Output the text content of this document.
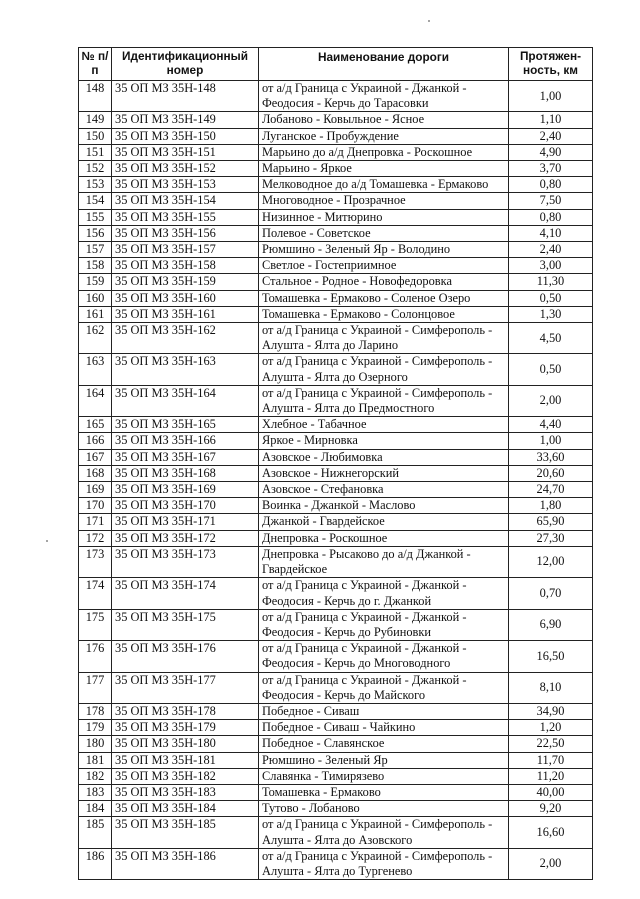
№ п/п	Идентификационный номер	Наименование дороги	Протяжен-ность, км
148	35 ОП МЗ 35Н-148	от а/д Граница с Украиной - Джанкой - Феодосия - Керчь до Тарасовки	1,00
149	35 ОП МЗ 35Н-149	Лобаново - Ковыльное - Ясное	1,10
150	35 ОП МЗ 35Н-150	Луганское - Пробуждение	2,40
151	35 ОП МЗ 35Н-151	Марьино до а/д Днепровка - Роскошное	4,90
152	35 ОП МЗ 35Н-152	Марьино - Яркое	3,70
153	35 ОП МЗ 35Н-153	Мелководное до а/д Томашевка - Ермаково	0,80
154	35 ОП МЗ 35Н-154	Многоводное - Прозрачное	7,50
155	35 ОП МЗ 35Н-155	Низинное - Митюрино	0,80
156	35 ОП МЗ 35Н-156	Полевое - Советское	4,10
157	35 ОП МЗ 35Н-157	Рюмшино - Зеленый Яр - Володино	2,40
158	35 ОП МЗ 35Н-158	Светлое - Гостеприимное	3,00
159	35 ОП МЗ 35Н-159	Стальное - Родное - Новофедоровка	11,30
160	35 ОП МЗ 35Н-160	Томашевка - Ермаково - Соленое Озеро	0,50
161	35 ОП МЗ 35Н-161	Томашевка - Ермаково - Солонцовое	1,30
162	35 ОП МЗ 35Н-162	от а/д Граница с Украиной - Симферополь - Алушта - Ялта до Ларино	4,50
163	35 ОП МЗ 35Н-163	от а/д Граница с Украиной - Симферополь - Алушта - Ялта до Озерного	0,50
164	35 ОП МЗ 35Н-164	от а/д Граница с Украиной - Симферополь - Алушта - Ялта до Предмостного	2,00
165	35 ОП МЗ 35Н-165	Хлебное - Табачное	4,40
166	35 ОП МЗ 35Н-166	Яркое - Мирновка	1,00
167	35 ОП МЗ 35Н-167	Азовское - Любимовка	33,60
168	35 ОП МЗ 35Н-168	Азовское - Нижнегорский	20,60
169	35 ОП МЗ 35Н-169	Азовское - Стефановка	24,70
170	35 ОП МЗ 35Н-170	Воинка - Джанкой - Маслово	1,80
171	35 ОП МЗ 35Н-171	Джанкой - Гвардейское	65,90
172	35 ОП МЗ 35Н-172	Днепровка - Роскошное	27,30
173	35 ОП МЗ 35Н-173	Днепровка - Рысаково до а/д Джанкой - Гвардейское	12,00
174	35 ОП МЗ 35Н-174	от а/д Граница с Украиной - Джанкой - Феодосия - Керчь до г. Джанкой	0,70
175	35 ОП МЗ 35Н-175	от а/д Граница с Украиной - Джанкой - Феодосия - Керчь до Рубиновки	6,90
176	35 ОП МЗ 35Н-176	от а/д Граница с Украиной - Джанкой - Феодосия - Керчь до Многоводного	16,50
177	35 ОП МЗ 35Н-177	от а/д Граница с Украиной - Джанкой - Феодосия - Керчь до Майского	8,10
178	35 ОП МЗ 35Н-178	Победное - Сиваш	34,90
179	35 ОП МЗ 35Н-179	Победное - Сиваш - Чайкино	1,20
180	35 ОП МЗ 35Н-180	Победное - Славянское	22,50
181	35 ОП МЗ 35Н-181	Рюмшино - Зеленый Яр	11,70
182	35 ОП МЗ 35Н-182	Славянка - Тимирязево	11,20
183	35 ОП МЗ 35Н-183	Томашевка - Ермаково	40,00
184	35 ОП МЗ 35Н-184	Тутово - Лобаново	9,20
185	35 ОП МЗ 35Н-185	от а/д Граница с Украиной - Симферополь - Алушта - Ялта до Азовского	16,60
186	35 ОП МЗ 35Н-186	от а/д Граница с Украиной - Симферополь - Алушта - Ялта до Тургенево	2,00
